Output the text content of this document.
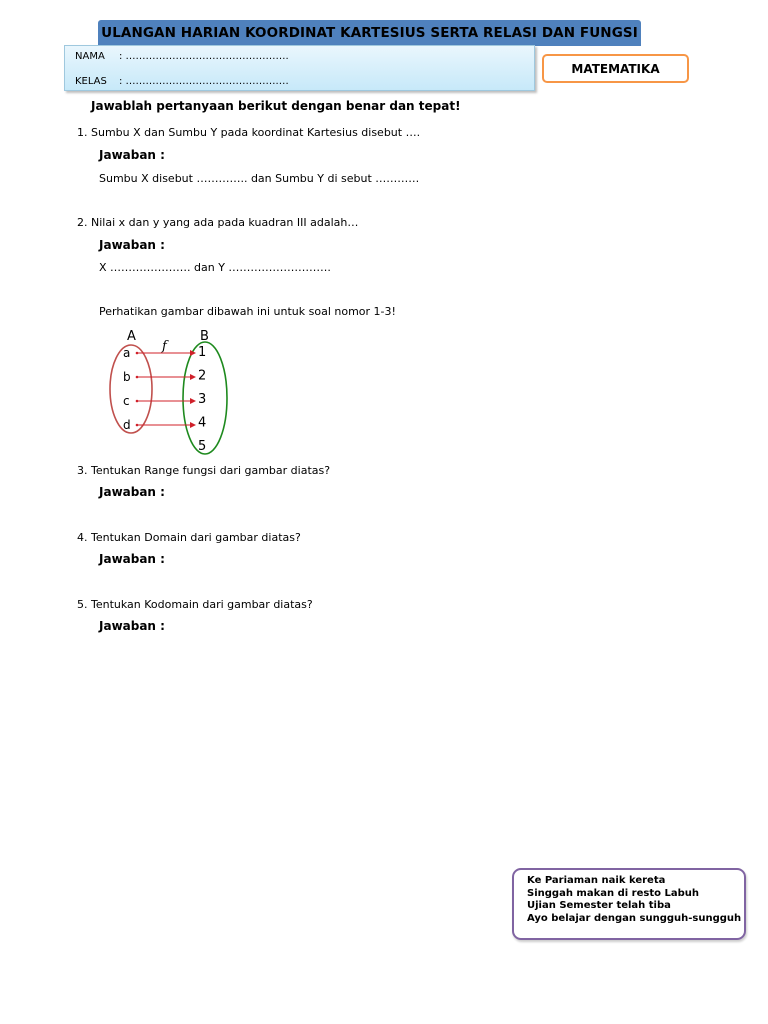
ULANGAN HARIAN KOORDINAT KARTESIUS SERTA RELASI DAN FUNGSI
NAMA : ………………………………………….
KELAS : ……………………………………….…
MATEMATIKA
Jawablah pertanyaan berikut dengan benar dan tepat!
1. Sumbu X dan Sumbu Y pada koordinat Kartesius disebut ….
Jawaban :
Sumbu X disebut ………….. dan Sumbu Y di sebut …………
2. Nilai x dan y yang ada pada kuadran III adalah…
Jawaban :
X …………………. dan Y ……………………….
Perhatikan gambar dibawah ini untuk soal nomor 1-3!
A	B
f
a
b
c
d
1
2
3
4
5
3. Tentukan Range fungsi dari gambar diatas?
Jawaban :
4. Tentukan Domain dari gambar diatas?
Jawaban :
5. Tentukan Kodomain dari gambar diatas?
Jawaban :
Ke Pariaman naik kereta
Singgah makan di resto Labuh
Ujian Semester telah tiba
Ayo belajar dengan sungguh-sungguh
